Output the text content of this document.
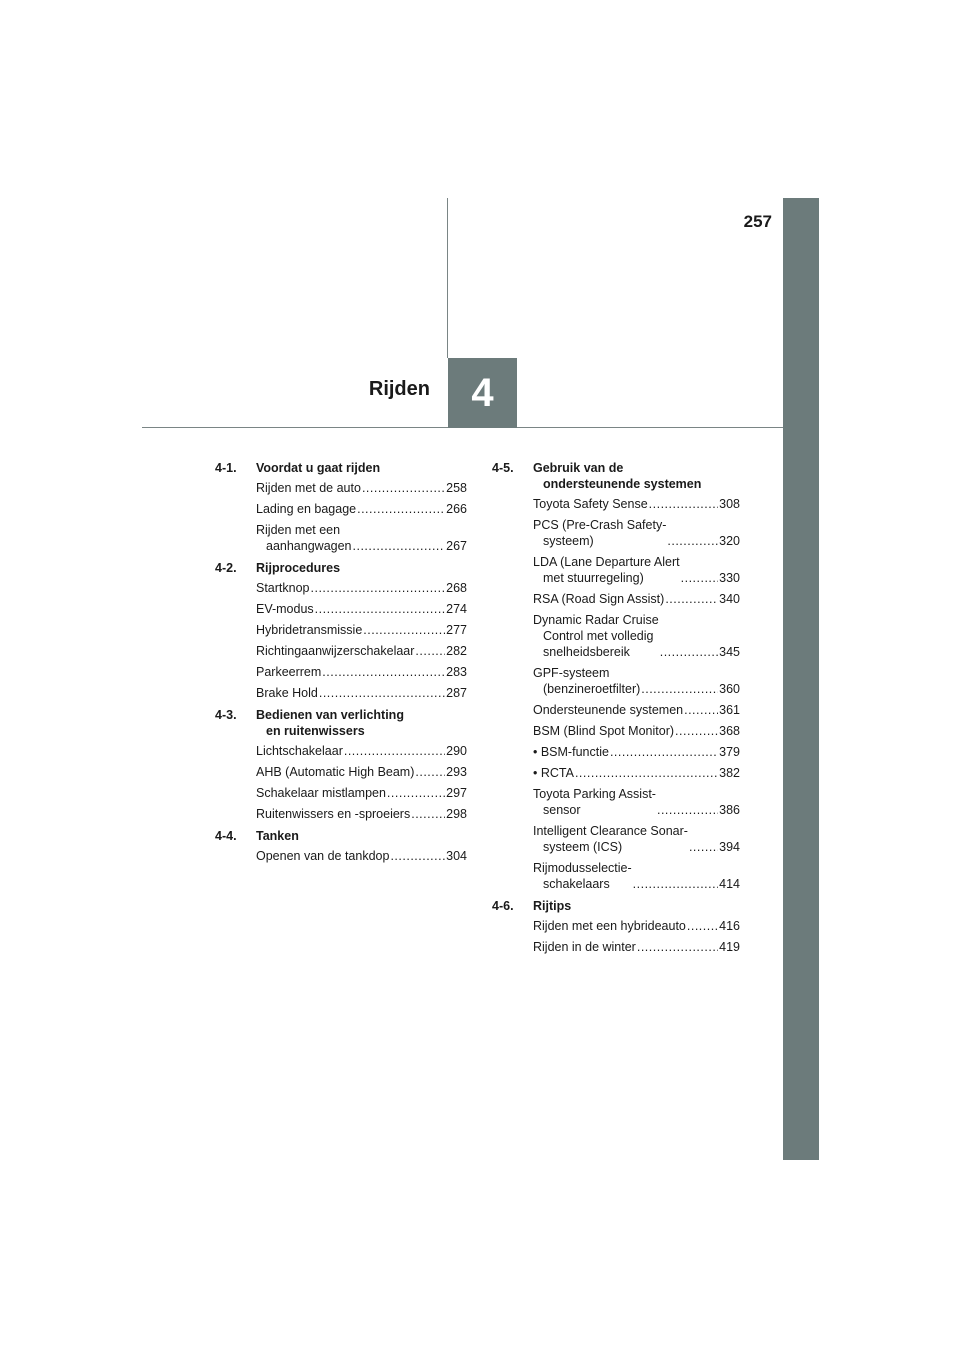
257
4
Rijden
4-1.	Voordat u gaat rijden
Rijden met de auto .....	258
Lading en bagage .....	266
Rijden met een
aanhangwagen .....	267
4-2.	Rijprocedures
Startknop .....	268
EV-modus .....	274
Hybridetransmissie .....	277
Richtingaanwijzerschakelaar .....	282
Parkeerrem .....	283
Brake Hold .....	287
4-3.	Bedienen van verlichting
en ruitenwissers
Lichtschakelaar .....	290
AHB (Automatic High Beam) .....	293
Schakelaar mistlampen .....	297
Ruitenwissers en -sproeiers .....	298
4-4.	Tanken
Openen van de tankdop .....	304
4-5.	Gebruik van de
ondersteunende systemen
Toyota Safety Sense .....	308
PCS (Pre-Crash Safety-
systeem) .....	320
LDA (Lane Departure Alert
met stuurregeling) .....	330
RSA (Road Sign Assist) .....	340
Dynamic Radar Cruise
Control met volledig
snelheidsbereik .....	345
GPF-systeem
(benzineroetfilter) .....	360
Ondersteunende systemen .....	361
BSM (Blind Spot Monitor) .....	368
• BSM-functie .....	379
• RCTA .....	382
Toyota Parking Assist-
sensor .....	386
Intelligent Clearance Sonar-
systeem (ICS) .....	394
Rijmodusselectie-
schakelaars .....	414
4-6.	Rijtips
Rijden met een hybrideauto .....	416
Rijden in de winter .....	419
